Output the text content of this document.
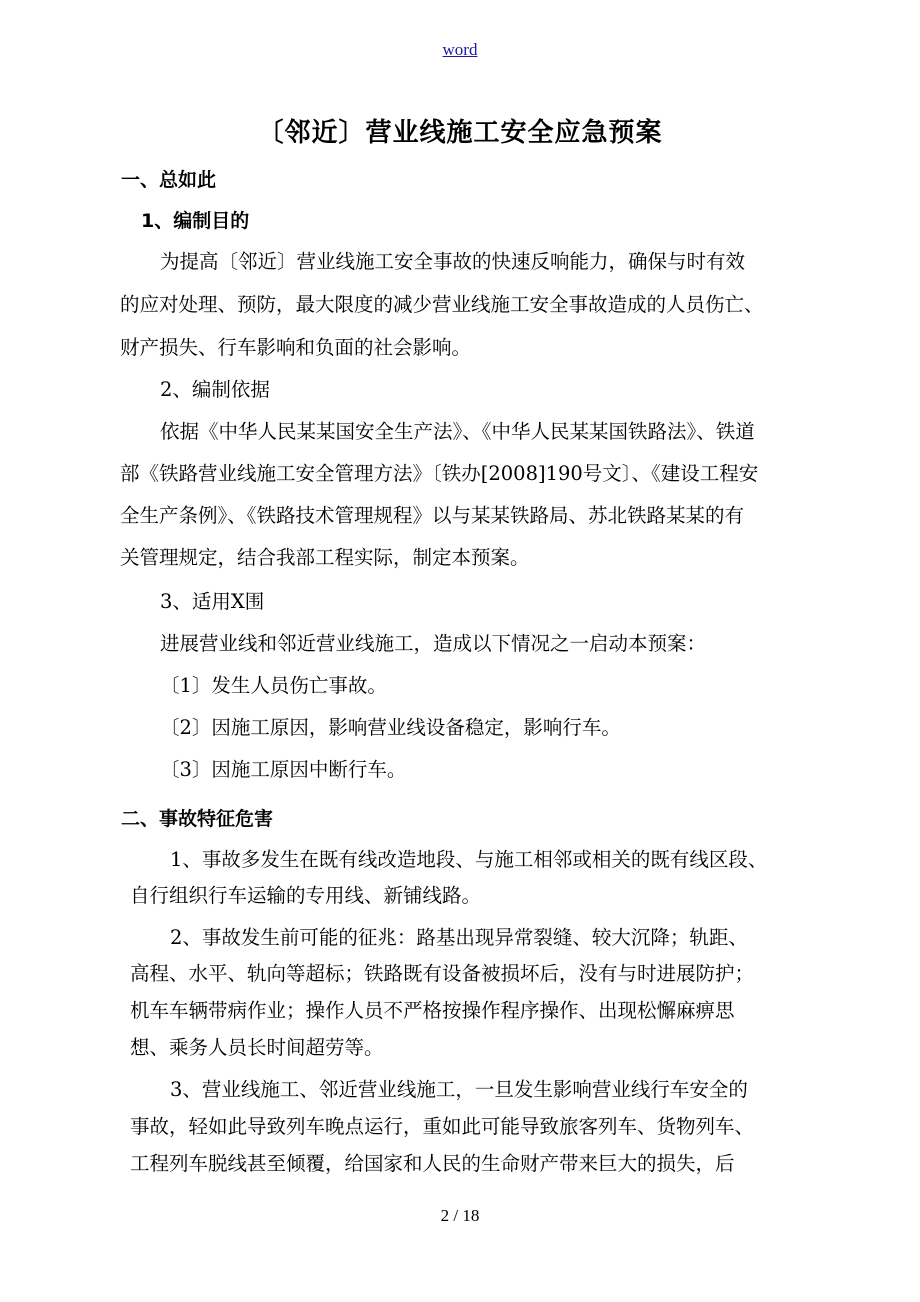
word
〔邻近〕营业线施工安全应急预案
一、总如此
1、编制目的
为提高〔邻近〕营业线施工安全事故的快速反响能力，确保与时有效
的应对处理、预防，最大限度的减少营业线施工安全事故造成的人员伤亡、
财产损失、行车影响和负面的社会影响。
2、编制依据
依据《中华人民某某国安全生产法》、《中华人民某某国铁路法》、铁道
部《铁路营业线施工安全管理方法》〔铁办[2008]190号文〕、《建设工程安
全生产条例》、《铁路技术管理规程》以与某某铁路局、苏北铁路某某的有
关管理规定，结合我部工程实际，制定本预案。
3、适用X围
进展营业线和邻近营业线施工，造成以下情况之一启动本预案：
〔1〕发生人员伤亡事故。
〔2〕因施工原因，影响营业线设备稳定，影响行车。
〔3〕因施工原因中断行车。
二、事故特征危害
1、事故多发生在既有线改造地段、与施工相邻或相关的既有线区段、
自行组织行车运输的专用线、新铺线路。
2、事故发生前可能的征兆：路基出现异常裂缝、较大沉降；轨距、
高程、水平、轨向等超标；铁路既有设备被损坏后，没有与时进展防护；
机车车辆带病作业；操作人员不严格按操作程序操作、出现松懈麻痹思
想、乘务人员长时间超劳等。
3、营业线施工、邻近营业线施工，一旦发生影响营业线行车安全的
事故，轻如此导致列车晚点运行，重如此可能导致旅客列车、货物列车、
工程列车脱线甚至倾覆，给国家和人民的生命财产带来巨大的损失，后
2 / 18
